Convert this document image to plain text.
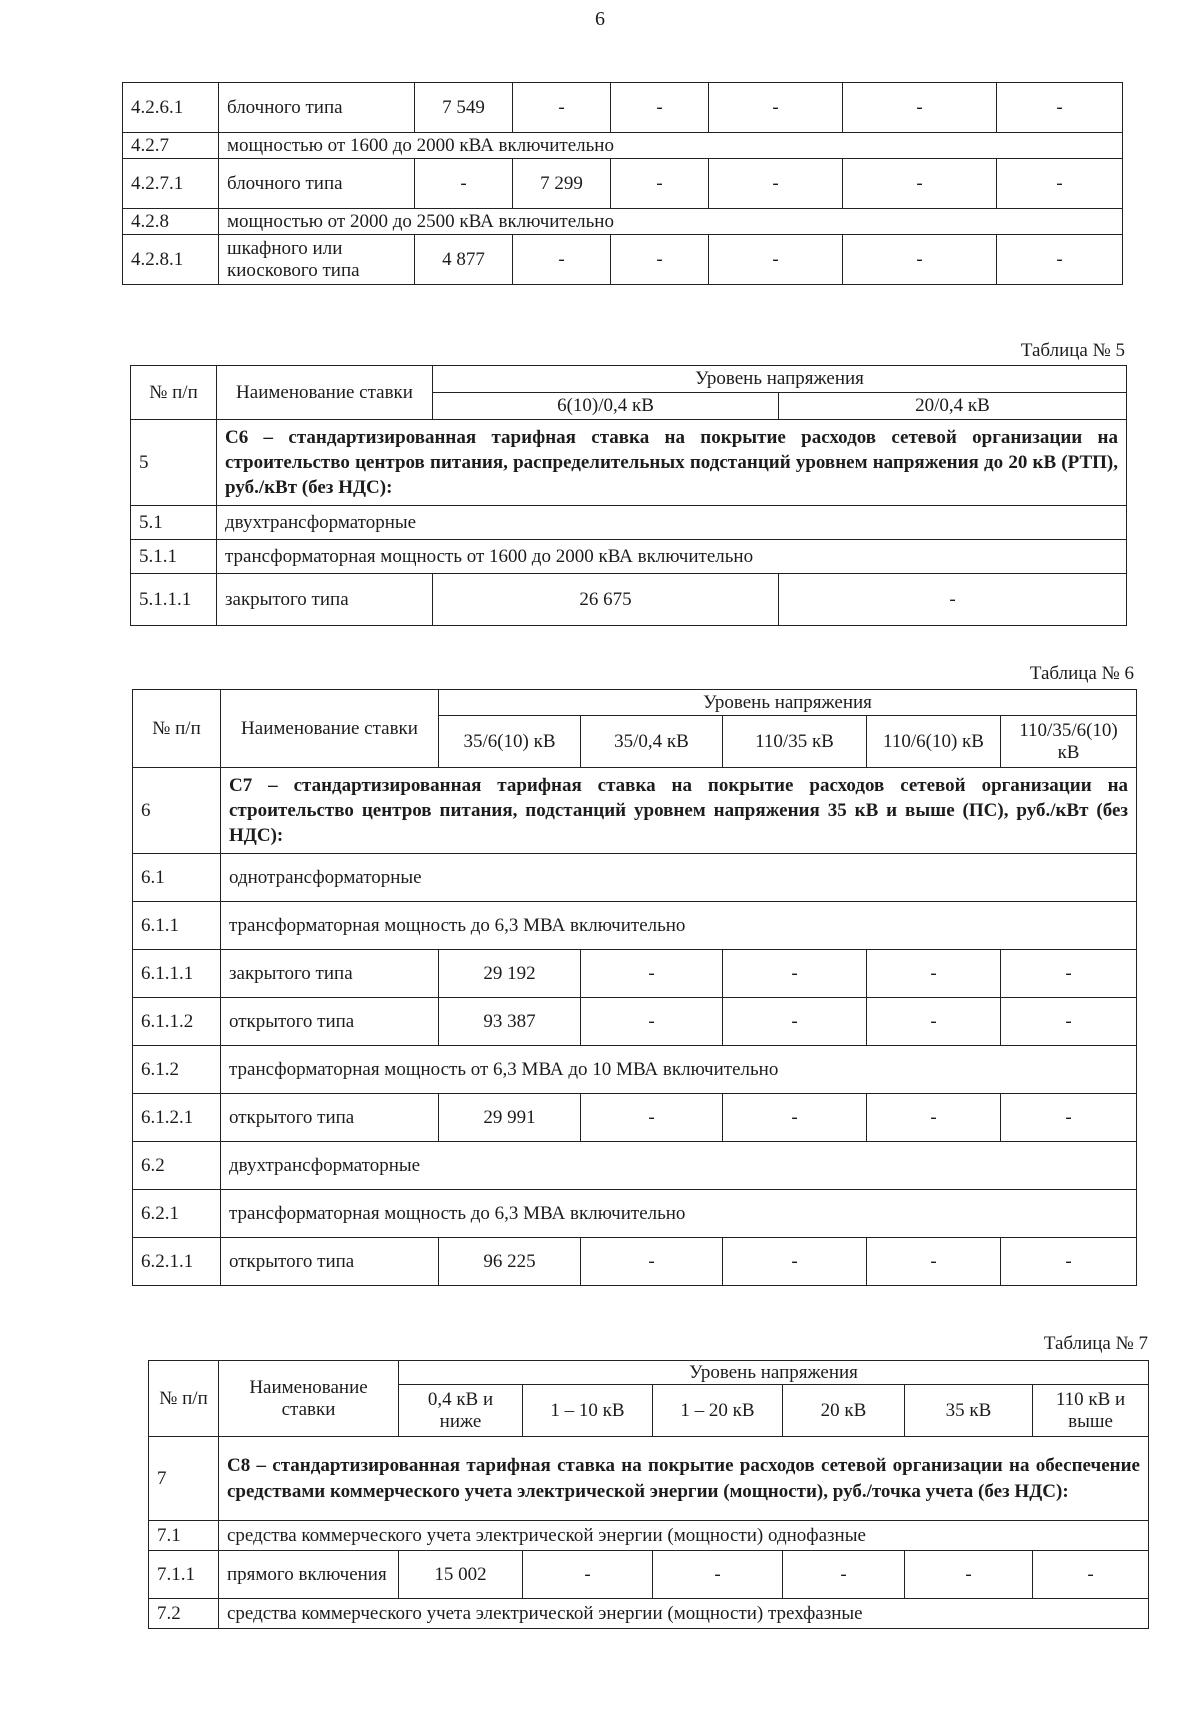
6
4.2.6.1	блочного типа	7 549	-	-	-	-	-
4.2.7	мощностью от 1600 до 2000 кВА включительно						
4.2.7.1	блочного типа	-	7 299	-	-	-	-
4.2.8	мощностью от 2000 до 2500 кВА включительно						
4.2.8.1	шкафного или киоскового типа	4 877	-	-	-	-	-
Таблица № 5
№ п/п	Наименование ставки	Уровень напряжения	
		6(10)/0,4 кВ	20/0,4 кВ
5	С6 – стандартизированная тарифная ставка на покрытие расходов сетевой организации на строительство центров питания, распределительных подстанций уровнем напряжения до 20 кВ (РТП), руб./кВт (без НДС):		
5.1	двухтрансформаторные		
5.1.1	трансформаторная мощность от 1600 до 2000 кВА включительно		
5.1.1.1	закрытого типа	26 675	-
Таблица № 6
№ п/п	Наименование ставки	Уровень напряжения				
		35/6(10) кВ	35/0,4 кВ	110/35 кВ	110/6(10) кВ	110/35/6(10) кВ
6	С7 – стандартизированная тарифная ставка на покрытие расходов сетевой организации на строительство центров питания, подстанций уровнем напряжения 35 кВ и выше (ПС), руб./кВт (без НДС):					
6.1	однотрансформаторные					
6.1.1	трансформаторная мощность до 6,3 МВА включительно					
6.1.1.1	закрытого типа	29 192	-	-	-	-
6.1.1.2	открытого типа	93 387	-	-	-	-
6.1.2	трансформаторная мощность от 6,3 МВА до 10 МВА включительно					
6.1.2.1	открытого типа	29 991	-	-	-	-
6.2	двухтрансформаторные					
6.2.1	трансформаторная мощность до 6,3 МВА включительно					
6.2.1.1	открытого типа	96 225	-	-	-	-
Таблица № 7
№ п/п	Наименование ставки	Уровень напряжения					
		0,4 кВ и ниже	1 – 10 кВ	1 – 20 кВ	20 кВ	35 кВ	110 кВ и выше
7	С8 – стандартизированная тарифная ставка на покрытие расходов сетевой организации на обеспечение средствами коммерческого учета электрической энергии (мощности), руб./точка учета (без НДС):						
7.1	средства коммерческого учета электрической энергии (мощности) однофазные						
7.1.1	прямого включения	15 002	-	-	-	-	-
7.2	средства коммерческого учета электрической энергии (мощности) трехфазные						
